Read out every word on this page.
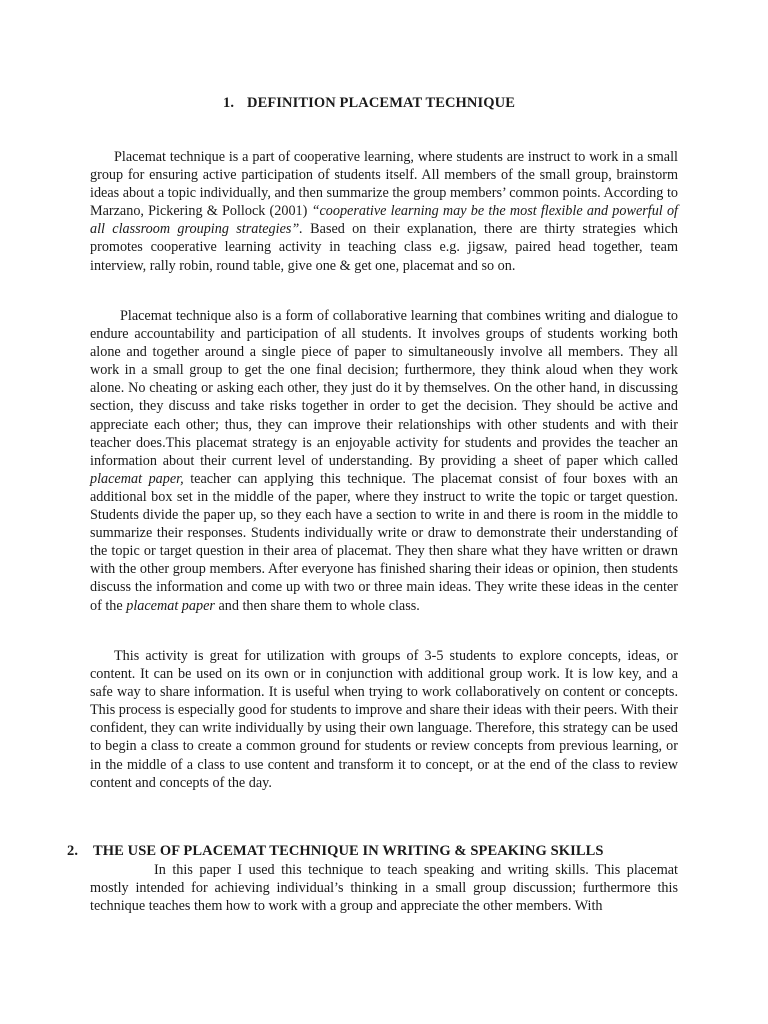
1. DEFINITION PLACEMAT TECHNIQUE

Placemat technique is a part of cooperative learning, where students are instruct to work in a small group for ensuring active participation of students itself. All members of the small group, brainstorm ideas about a topic individually, and then summarize the group members’ common points. According to Marzano, Pickering & Pollock (2001) “cooperative learning may be the most flexible and powerful of all classroom grouping strategies”. Based on their explanation, there are thirty strategies which promotes cooperative learning activity in teaching class e.g. jigsaw, paired head together, team interview, rally robin, round table, give one & get one, placemat and so on.

Placemat technique also is a form of collaborative learning that combines writing and dialogue to endure accountability and participation of all students. It involves groups of students working both alone and together around a single piece of paper to simultaneously involve all members. They all work in a small group to get the one final decision; furthermore, they think aloud when they work alone. No cheating or asking each other, they just do it by themselves. On the other hand, in discussing section, they discuss and take risks together in order to get the decision. They should be active and appreciate each other; thus, they can improve their relationships with other students and with their teacher does.This placemat strategy is an enjoyable activity for students and provides the teacher an information about their current level of understanding. By providing a sheet of paper which called placemat paper, teacher can applying this technique. The placemat consist of four boxes with an additional box set in the middle of the paper, where they instruct to write the topic or target question. Students divide the paper up, so they each have a section to write in and there is room in the middle to summarize their responses. Students individually write or draw to demonstrate their understanding of the topic or target question in their area of placemat. They then share what they have written or drawn with the other group members. After everyone has finished sharing their ideas or opinion, then students discuss the information and come up with two or three main ideas. They write these ideas in the center of the placemat paper and then share them to whole class.

This activity is great for utilization with groups of 3-5 students to explore concepts, ideas, or content. It can be used on its own or in conjunction with additional group work. It is low key, and a safe way to share information. It is useful when trying to work collaboratively on content or concepts. This process is especially good for students to improve and share their ideas with their peers. With their confident, they can write individually by using their own language. Therefore, this strategy can be used to begin a class to create a common ground for students or review concepts from previous learning, or in the middle of a class to use content and transform it to concept, or at the end of the class to review content and concepts of the day.

2. THE USE OF PLACEMAT TECHNIQUE IN WRITING & SPEAKING SKILLS

In this paper I used this technique to teach speaking and writing skills. This placemat mostly intended for achieving individual’s thinking in a small group discussion; furthermore this technique teaches them how to work with a group and appreciate the other members. With
